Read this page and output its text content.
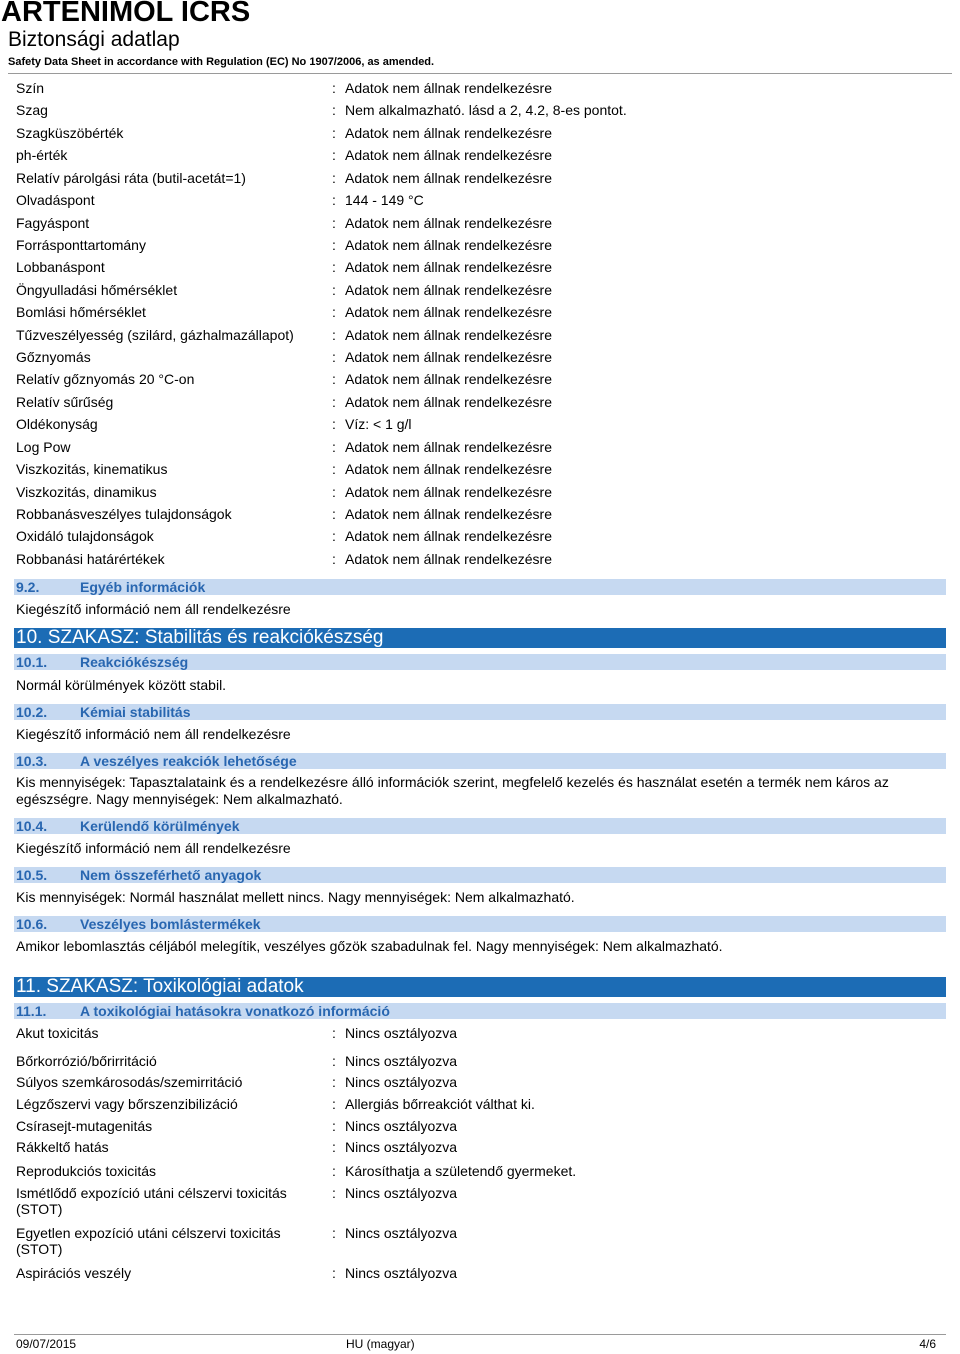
ARTENIMOL ICRS
Biztonsági adatlap
Safety Data Sheet in accordance with Regulation (EC) No 1907/2006, as amended.
Szín	: Adatok nem állnak rendelkezésre
Szag	: Nem alkalmazható. lásd a 2, 4.2, 8-es pontot.
Szagküszöbérték	: Adatok nem állnak rendelkezésre
ph-érték	: Adatok nem állnak rendelkezésre
Relatív párolgási ráta (butil-acetát=1)	: Adatok nem állnak rendelkezésre
Olvadáspont	: 144 - 149 °C
Fagyáspont	: Adatok nem állnak rendelkezésre
Forrásponttartomány	: Adatok nem állnak rendelkezésre
Lobbanáspont	: Adatok nem állnak rendelkezésre
Öngyulladási hőmérséklet	: Adatok nem állnak rendelkezésre
Bomlási hőmérséklet	: Adatok nem állnak rendelkezésre
Tűzveszélyesség (szilárd, gázhalmazállapot)	: Adatok nem állnak rendelkezésre
Gőznyomás	: Adatok nem állnak rendelkezésre
Relatív gőznyomás 20 °C-on	: Adatok nem állnak rendelkezésre
Relatív sűrűség	: Adatok nem állnak rendelkezésre
Oldékonyság	: Víz: < 1 g/l
Log Pow	: Adatok nem állnak rendelkezésre
Viszkozitás, kinematikus	: Adatok nem állnak rendelkezésre
Viszkozitás, dinamikus	: Adatok nem állnak rendelkezésre
Robbanásveszélyes tulajdonságok	: Adatok nem állnak rendelkezésre
Oxidáló tulajdonságok	: Adatok nem állnak rendelkezésre
Robbanási határértékek	: Adatok nem állnak rendelkezésre
9.2.	Egyéb információk
Kiegészítő információ nem áll rendelkezésre
10. SZAKASZ: Stabilitás és reakciókészség
10.1. Reakciókészség
Normál körülmények között stabil.
10.2. Kémiai stabilitás
Kiegészítő információ nem áll rendelkezésre
10.3. A veszélyes reakciók lehetősége
Kis mennyiségek: Tapasztalataink és a rendelkezésre álló információk szerint, megfelelő kezelés és használat esetén a termék nem káros az egészségre. Nagy mennyiségek: Nem alkalmazható.
10.4. Kerülendő körülmények
Kiegészítő információ nem áll rendelkezésre
10.5. Nem összeférhető anyagok
Kis mennyiségek: Normál használat mellett nincs. Nagy mennyiségek: Nem alkalmazható.
10.6. Veszélyes bomlástermékek
Amikor lebomlasztás céljából melegítik, veszélyes gőzök szabadulnak fel. Nagy mennyiségek: Nem alkalmazható.
11. SZAKASZ: Toxikológiai adatok
11.1. A toxikológiai hatásokra vonatkozó információ
Akut toxicitás	: Nincs osztályozva
Bőrkorrózió/bőrirritáció	: Nincs osztályozva
Súlyos szemkárosodás/szemirritáció	: Nincs osztályozva
Légzőszervi vagy bőrszenzibilizáció	: Allergiás bőrreakciót válthat ki.
Csírasejt-mutagenitás	: Nincs osztályozva
Rákkeltő hatás	: Nincs osztályozva
Reprodukciós toxicitás	: Károsíthatja a születendő gyermeket.
Ismétlődő expozíció utáni célszervi toxicitás (STOT)
: Nincs osztályozva
Egyetlen expozíció utáni célszervi toxicitás (STOT)
: Nincs osztályozva
Aspirációs veszély	: Nincs osztályozva
09/07/2015	HU (magyar)	4/6
